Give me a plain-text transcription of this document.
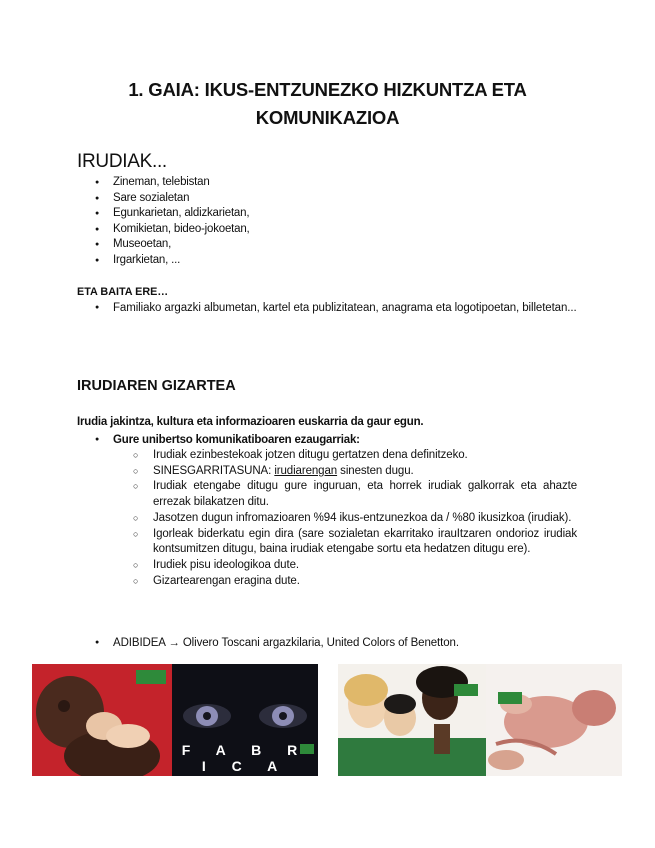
1. GAIA: IKUS-ENTZUNEZKO HIZKUNTZA ETA
KOMUNIKAZIOA
IRUDIAK...
● Zineman, telebistan
● Sare sozialetan
● Egunkarietan, aldizkarietan,
● Komikietan, bideo-jokoetan,
● Museoetan,
● Irgarkietan, ...
ETA BAITA ERE…
● Familiako argazki albumetan, kartel eta publizitatean, anagrama eta logotipoetan, billetetan...
IRUDIAREN GIZARTEA
Irudia jakintza, kultura eta informazioaren euskarria da gaur egun.
● Gure unibertso komunikatiboaren ezaugarriak:
○ Irudiak ezinbestekoak jotzen ditugu gertatzen dena definitzeko.
○ SINESGARRITASUNA: irudiarengan sinesten dugu.
○ Irudiak etengabe ditugu gure inguruan, eta horrek irudiak galkorrak eta ahazte errezak bilakatzen ditu.
○ Jasotzen dugun infromazioaren %94 ikus-entzunezkoa da / %80 ikusizkoa (irudiak).
○ Igorleak biderkatu egin dira (sare sozialetan ekarritako irauItzaren ondorioz irudiak kontsumitzen ditugu, baina irudiak etengabe sortu eta hedatzen ditugu ere).
○ Irudiek pisu ideologikoa dute.
○ Gizartearengan eragina dute.
● ADIBIDEA → Olivero Toscani argazkilaria, United Colors of Benetton.
F A B R I C A
